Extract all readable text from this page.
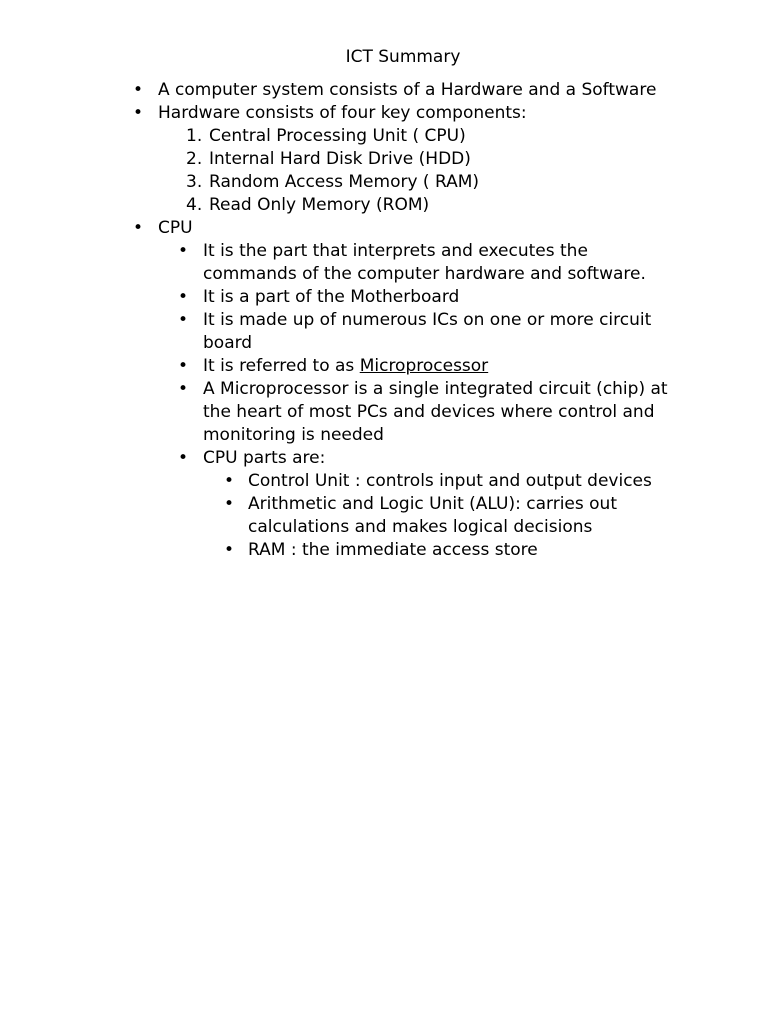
ICT Summary
• A computer system consists of a Hardware and a Software
• Hardware consists of four key components:
1. Central Processing Unit ( CPU)
2. Internal Hard Disk Drive (HDD)
3. Random Access Memory ( RAM)
4. Read Only Memory (ROM)
• CPU
• It is the part that interprets and executes the
commands of the computer hardware and software.
• It is a part of the Motherboard
• It is made up of numerous ICs on one or more circuit
board
• It is referred to as Microprocessor
• A Microprocessor is a single integrated circuit (chip) at
the heart of most PCs and devices where control and
monitoring is needed
• CPU parts are:
• Control Unit : controls input and output devices
• Arithmetic and Logic Unit (ALU): carries out
calculations and makes logical decisions
• RAM : the immediate access store
